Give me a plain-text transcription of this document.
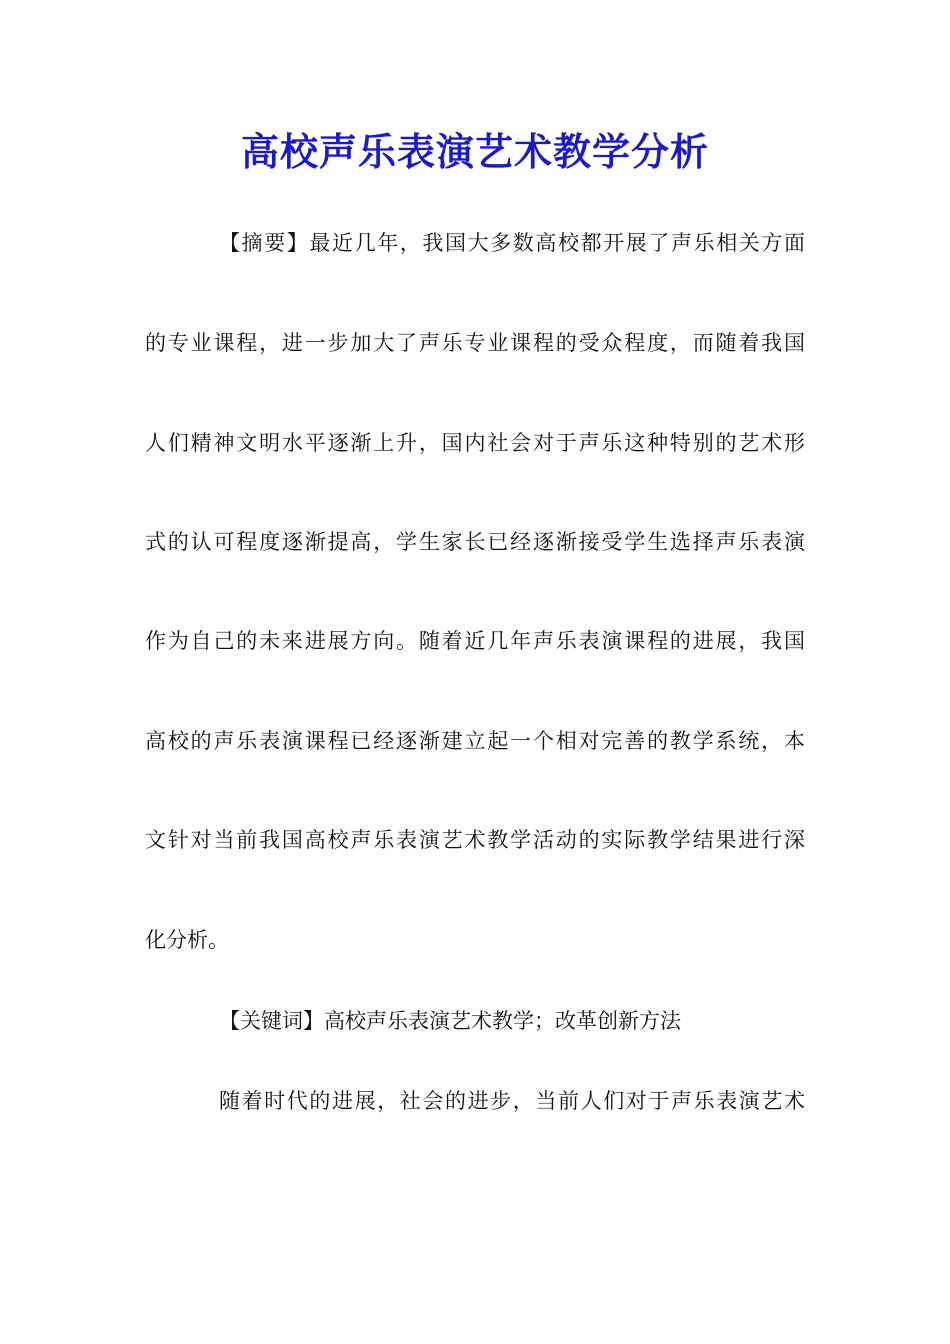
高校声乐表演艺术教学分析
【摘要】最近几年，我国大多数高校都开展了声乐相关方面
的专业课程，进一步加大了声乐专业课程的受众程度，而随着我国
人们精神文明水平逐渐上升，国内社会对于声乐这种特别的艺术形
式的认可程度逐渐提高，学生家长已经逐渐接受学生选择声乐表演
作为自己的未来进展方向。随着近几年声乐表演课程的进展，我国
高校的声乐表演课程已经逐渐建立起一个相对完善的教学系统，本
文针对当前我国高校声乐表演艺术教学活动的实际教学结果进行深
化分析。
【关键词】高校声乐表演艺术教学；改革创新方法
随着时代的进展，社会的进步，当前人们对于声乐表演艺术
